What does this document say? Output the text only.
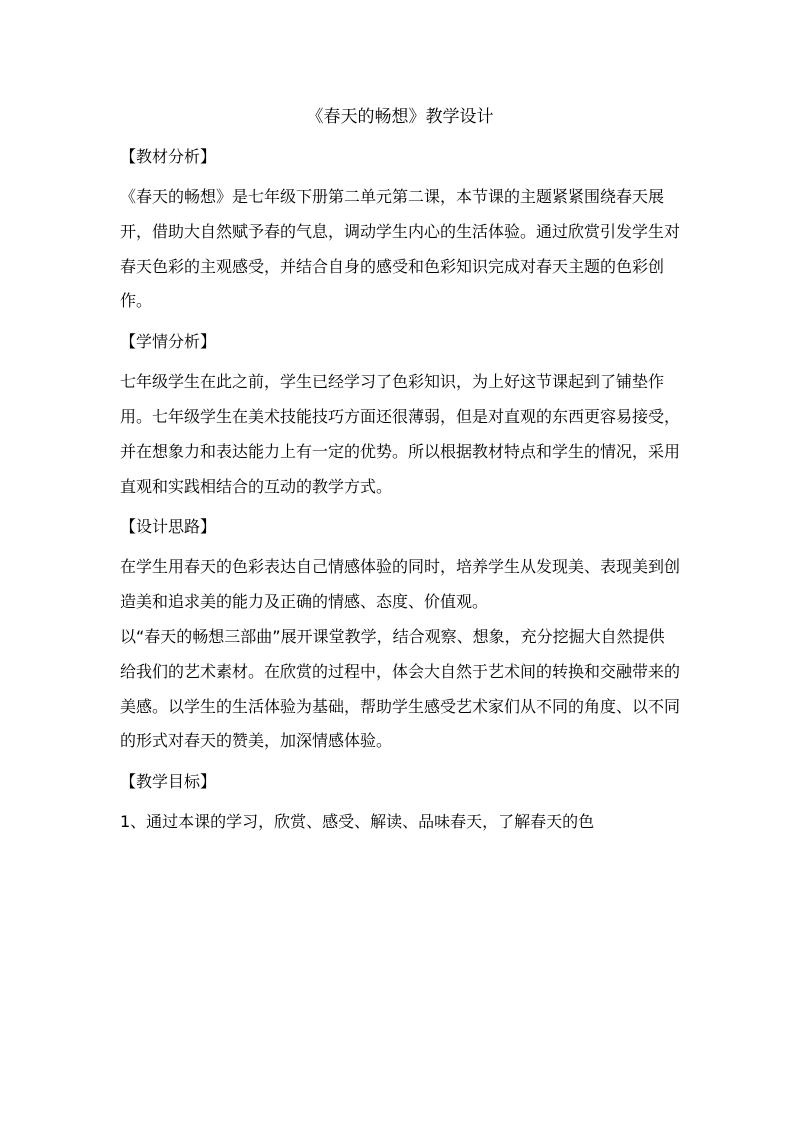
《春天的畅想》教学设计
【教材分析】

《春天的畅想》是七年级下册第二单元第二课，本节课的主题紧紧围绕春天展开，借助大自然赋予春的气息，调动学生内心的生活体验。通过欣赏引发学生对春天色彩的主观感受，并结合自身的感受和色彩知识完成对春天主题的色彩创作。

【学情分析】

七年级学生在此之前，学生已经学习了色彩知识，为上好这节课起到了铺垫作用。七年级学生在美术技能技巧方面还很薄弱，但是对直观的东西更容易接受，并在想象力和表达能力上有一定的优势。所以根据教材特点和学生的情况，采用直观和实践相结合的互动的教学方式。

【设计思路】

在学生用春天的色彩表达自己情感体验的同时，培养学生从发现美、表现美到创造美和追求美的能力及正确的情感、态度、价值观。

以“春天的畅想三部曲”展开课堂教学，结合观察、想象，充分挖掘大自然提供给我们的艺术素材。在欣赏的过程中，体会大自然于艺术间的转换和交融带来的美感。以学生的生活体验为基础，帮助学生感受艺术家们从不同的角度、以不同的形式对春天的赞美，加深情感体验。

【教学目标】

1、通过本课的学习，欣赏、感受、解读、品味春天，了解春天的色
